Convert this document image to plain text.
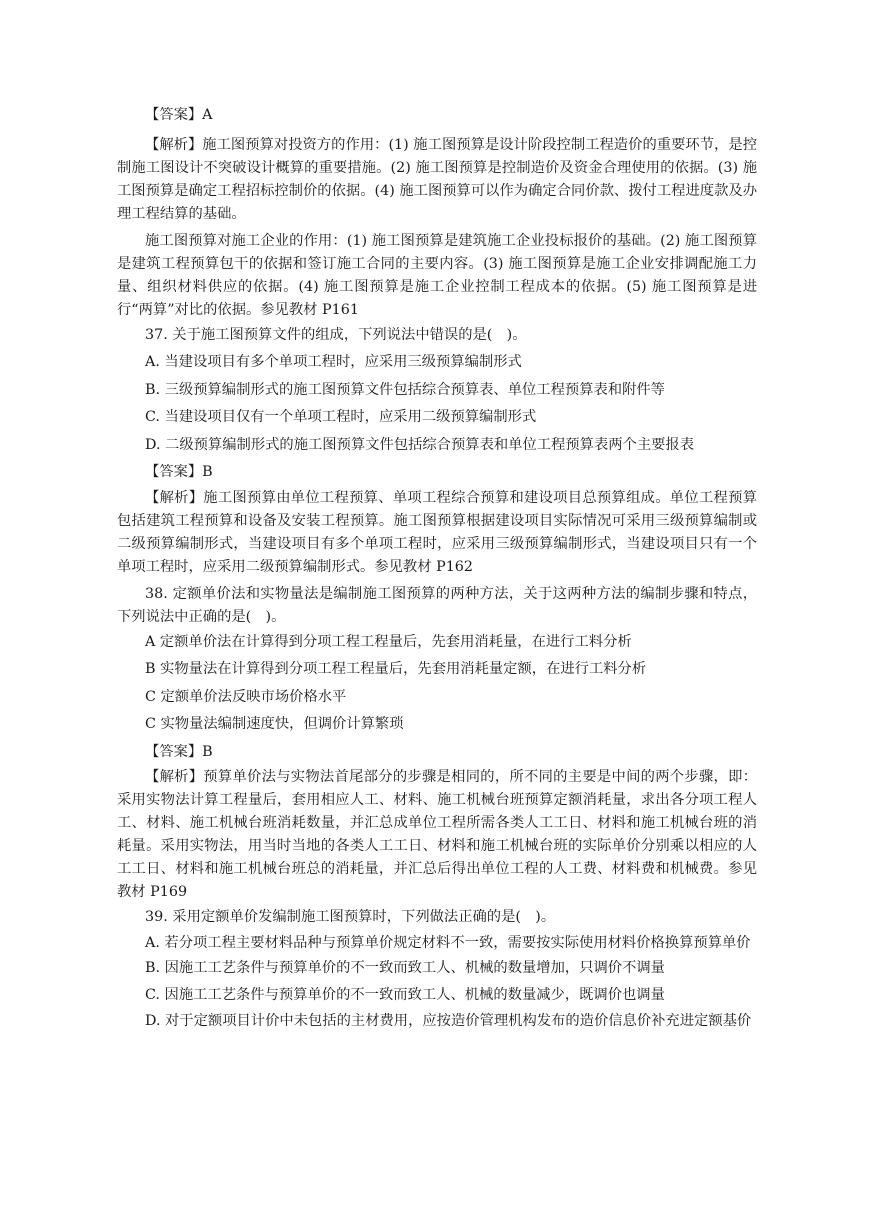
【答案】A

【解析】施工图预算对投资方的作用：(1) 施工图预算是设计阶段控制工程造价的重要环节，是控制施工图设计不突破设计概算的重要措施。(2) 施工图预算是控制造价及资金合理使用的依据。(3) 施工图预算是确定工程招标控制价的依据。(4) 施工图预算可以作为确定合同价款、拨付工程进度款及办理工程结算的基础。

施工图预算对施工企业的作用：(1) 施工图预算是建筑施工企业投标报价的基础。(2) 施工图预算是建筑工程预算包干的依据和签订施工合同的主要内容。(3) 施工图预算是施工企业安排调配施工力量、组织材料供应的依据。(4) 施工图预算是施工企业控制工程成本的依据。(5) 施工图预算是进行“两算”对比的依据。参见教材 P161

37. 关于施工图预算文件的组成，下列说法中错误的是(　)。

A. 当建设项目有多个单项工程时，应采用三级预算编制形式

B. 三级预算编制形式的施工图预算文件包括综合预算表、单位工程预算表和附件等

C. 当建设项目仅有一个单项工程时，应采用二级预算编制形式

D. 二级预算编制形式的施工图预算文件包括综合预算表和单位工程预算表两个主要报表

【答案】B

【解析】施工图预算由单位工程预算、单项工程综合预算和建设项目总预算组成。单位工程预算包括建筑工程预算和设备及安装工程预算。施工图预算根据建设项目实际情况可采用三级预算编制或二级预算编制形式，当建设项目有多个单项工程时，应采用三级预算编制形式，当建设项目只有一个单项工程时，应采用二级预算编制形式。参见教材 P162

38. 定额单价法和实物量法是编制施工图预算的两种方法，关于这两种方法的编制步骤和特点，下列说法中正确的是(　)。

A 定额单价法在计算得到分项工程工程量后，先套用消耗量，在进行工料分析

B 实物量法在计算得到分项工程工程量后，先套用消耗量定额，在进行工料分析

C 定额单价法反映市场价格水平

C 实物量法编制速度快，但调价计算繁琐

【答案】B

【解析】预算单价法与实物法首尾部分的步骤是相同的，所不同的主要是中间的两个步骤，即：采用实物法计算工程量后，套用相应人工、材料、施工机械台班预算定额消耗量，求出各分项工程人工、材料、施工机械台班消耗数量，并汇总成单位工程所需各类人工工日、材料和施工机械台班的消耗量。采用实物法，用当时当地的各类人工工日、材料和施工机械台班的实际单价分别乘以相应的人工工日、材料和施工机械台班总的消耗量，并汇总后得出单位工程的人工费、材料费和机械费。参见教材 P169

39. 采用定额单价发编制施工图预算时，下列做法正确的是(　)。

A. 若分项工程主要材料品种与预算单价规定材料不一致，需要按实际使用材料价格换算预算单价

B. 因施工工艺条件与预算单价的不一致而致工人、机械的数量增加，只调价不调量

C. 因施工工艺条件与预算单价的不一致而致工人、机械的数量减少，既调价也调量

D. 对于定额项目计价中未包括的主材费用，应按造价管理机构发布的造价信息价补充进定额基价
